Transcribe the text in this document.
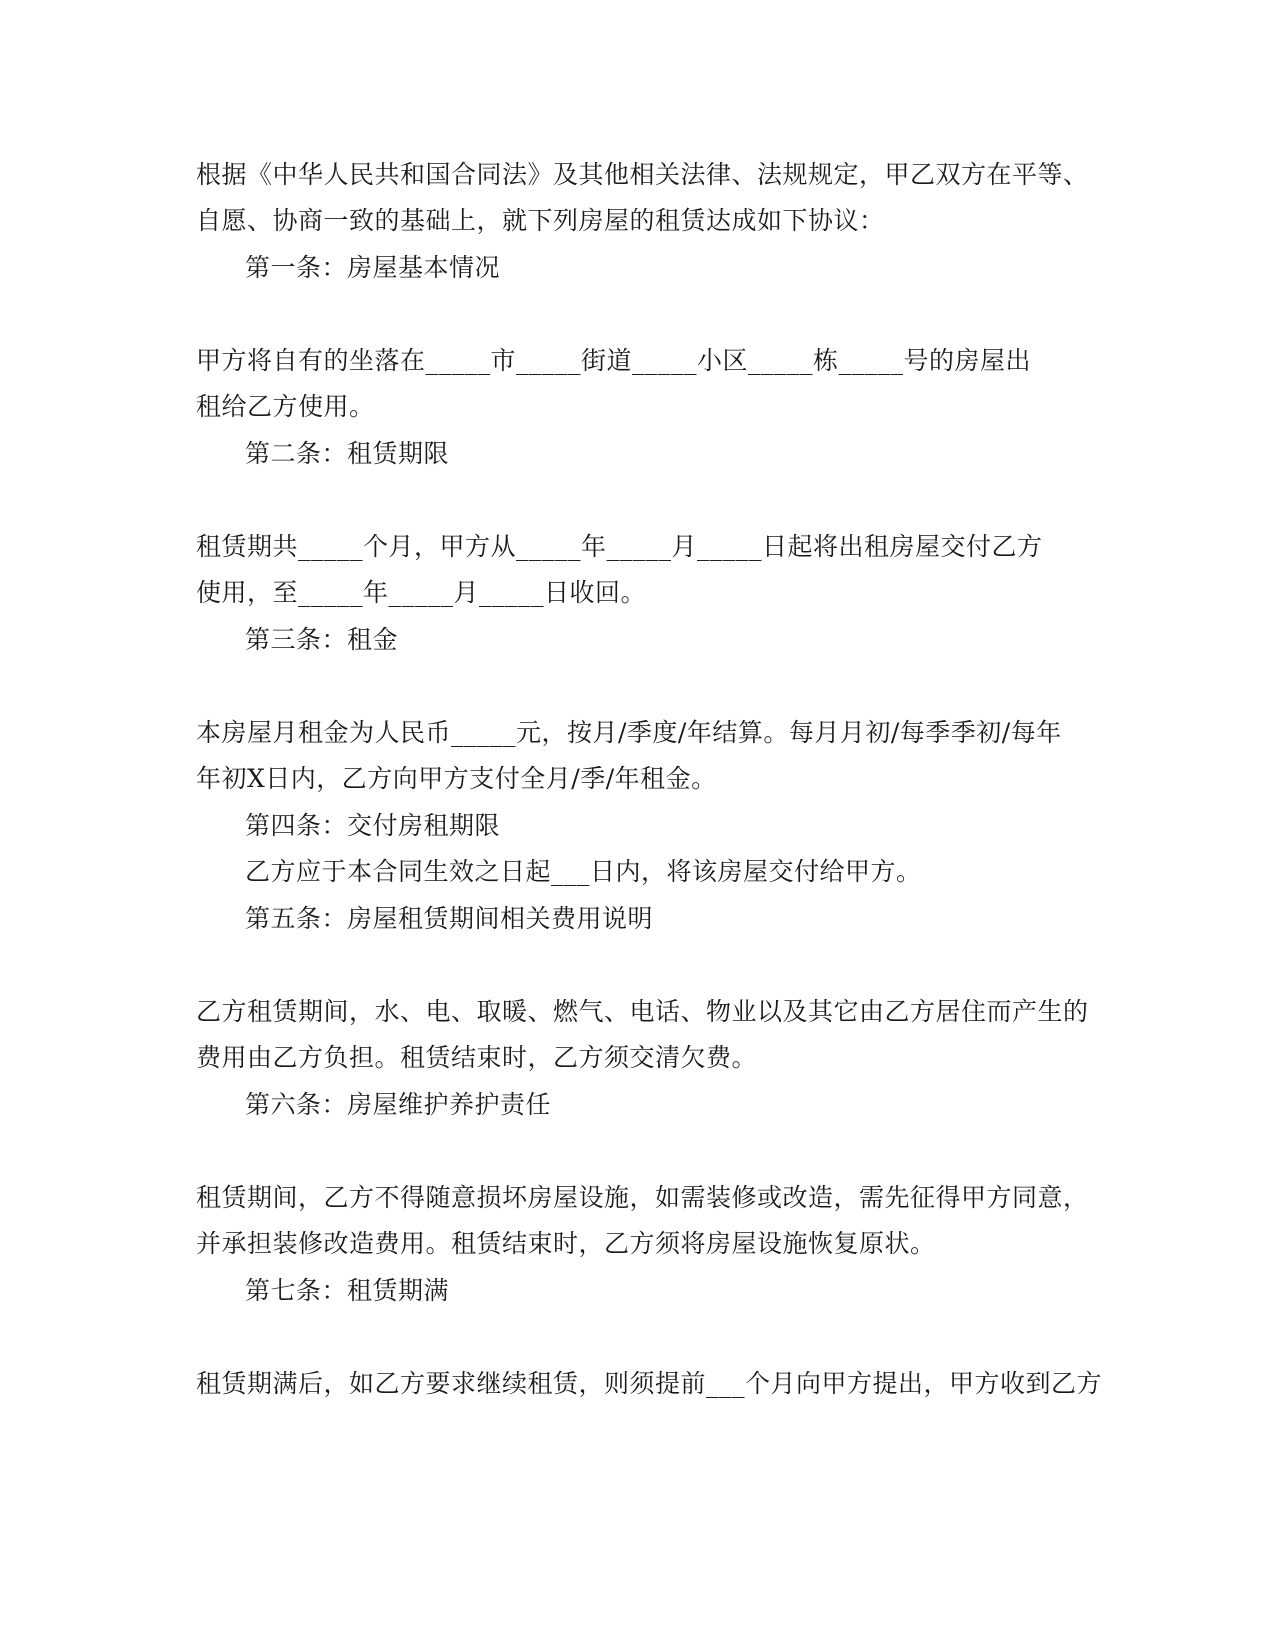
根据《中华人民共和国合同法》及其他相关法律、法规规定，甲乙双方在平等、
自愿、协商一致的基础上，就下列房屋的租赁达成如下协议：
第一条：房屋基本情况
甲方将自有的坐落在_____市_____街道_____小区_____栋_____号的房屋出
租给乙方使用。
第二条：租赁期限
租赁期共_____个月，甲方从_____年_____月_____日起将出租房屋交付乙方
使用，至_____年_____月_____日收回。
第三条：租金
本房屋月租金为人民币_____元，按月/季度/年结算。每月月初/每季季初/每年
年初X日内，乙方向甲方支付全月/季/年租金。
第四条：交付房租期限
乙方应于本合同生效之日起___日内，将该房屋交付给甲方。
第五条：房屋租赁期间相关费用说明
乙方租赁期间，水、电、取暖、燃气、电话、物业以及其它由乙方居住而产生的
费用由乙方负担。租赁结束时，乙方须交清欠费。
第六条：房屋维护养护责任
租赁期间，乙方不得随意损坏房屋设施，如需装修或改造，需先征得甲方同意，
并承担装修改造费用。租赁结束时，乙方须将房屋设施恢复原状。
第七条：租赁期满
租赁期满后，如乙方要求继续租赁，则须提前___个月向甲方提出，甲方收到乙方
